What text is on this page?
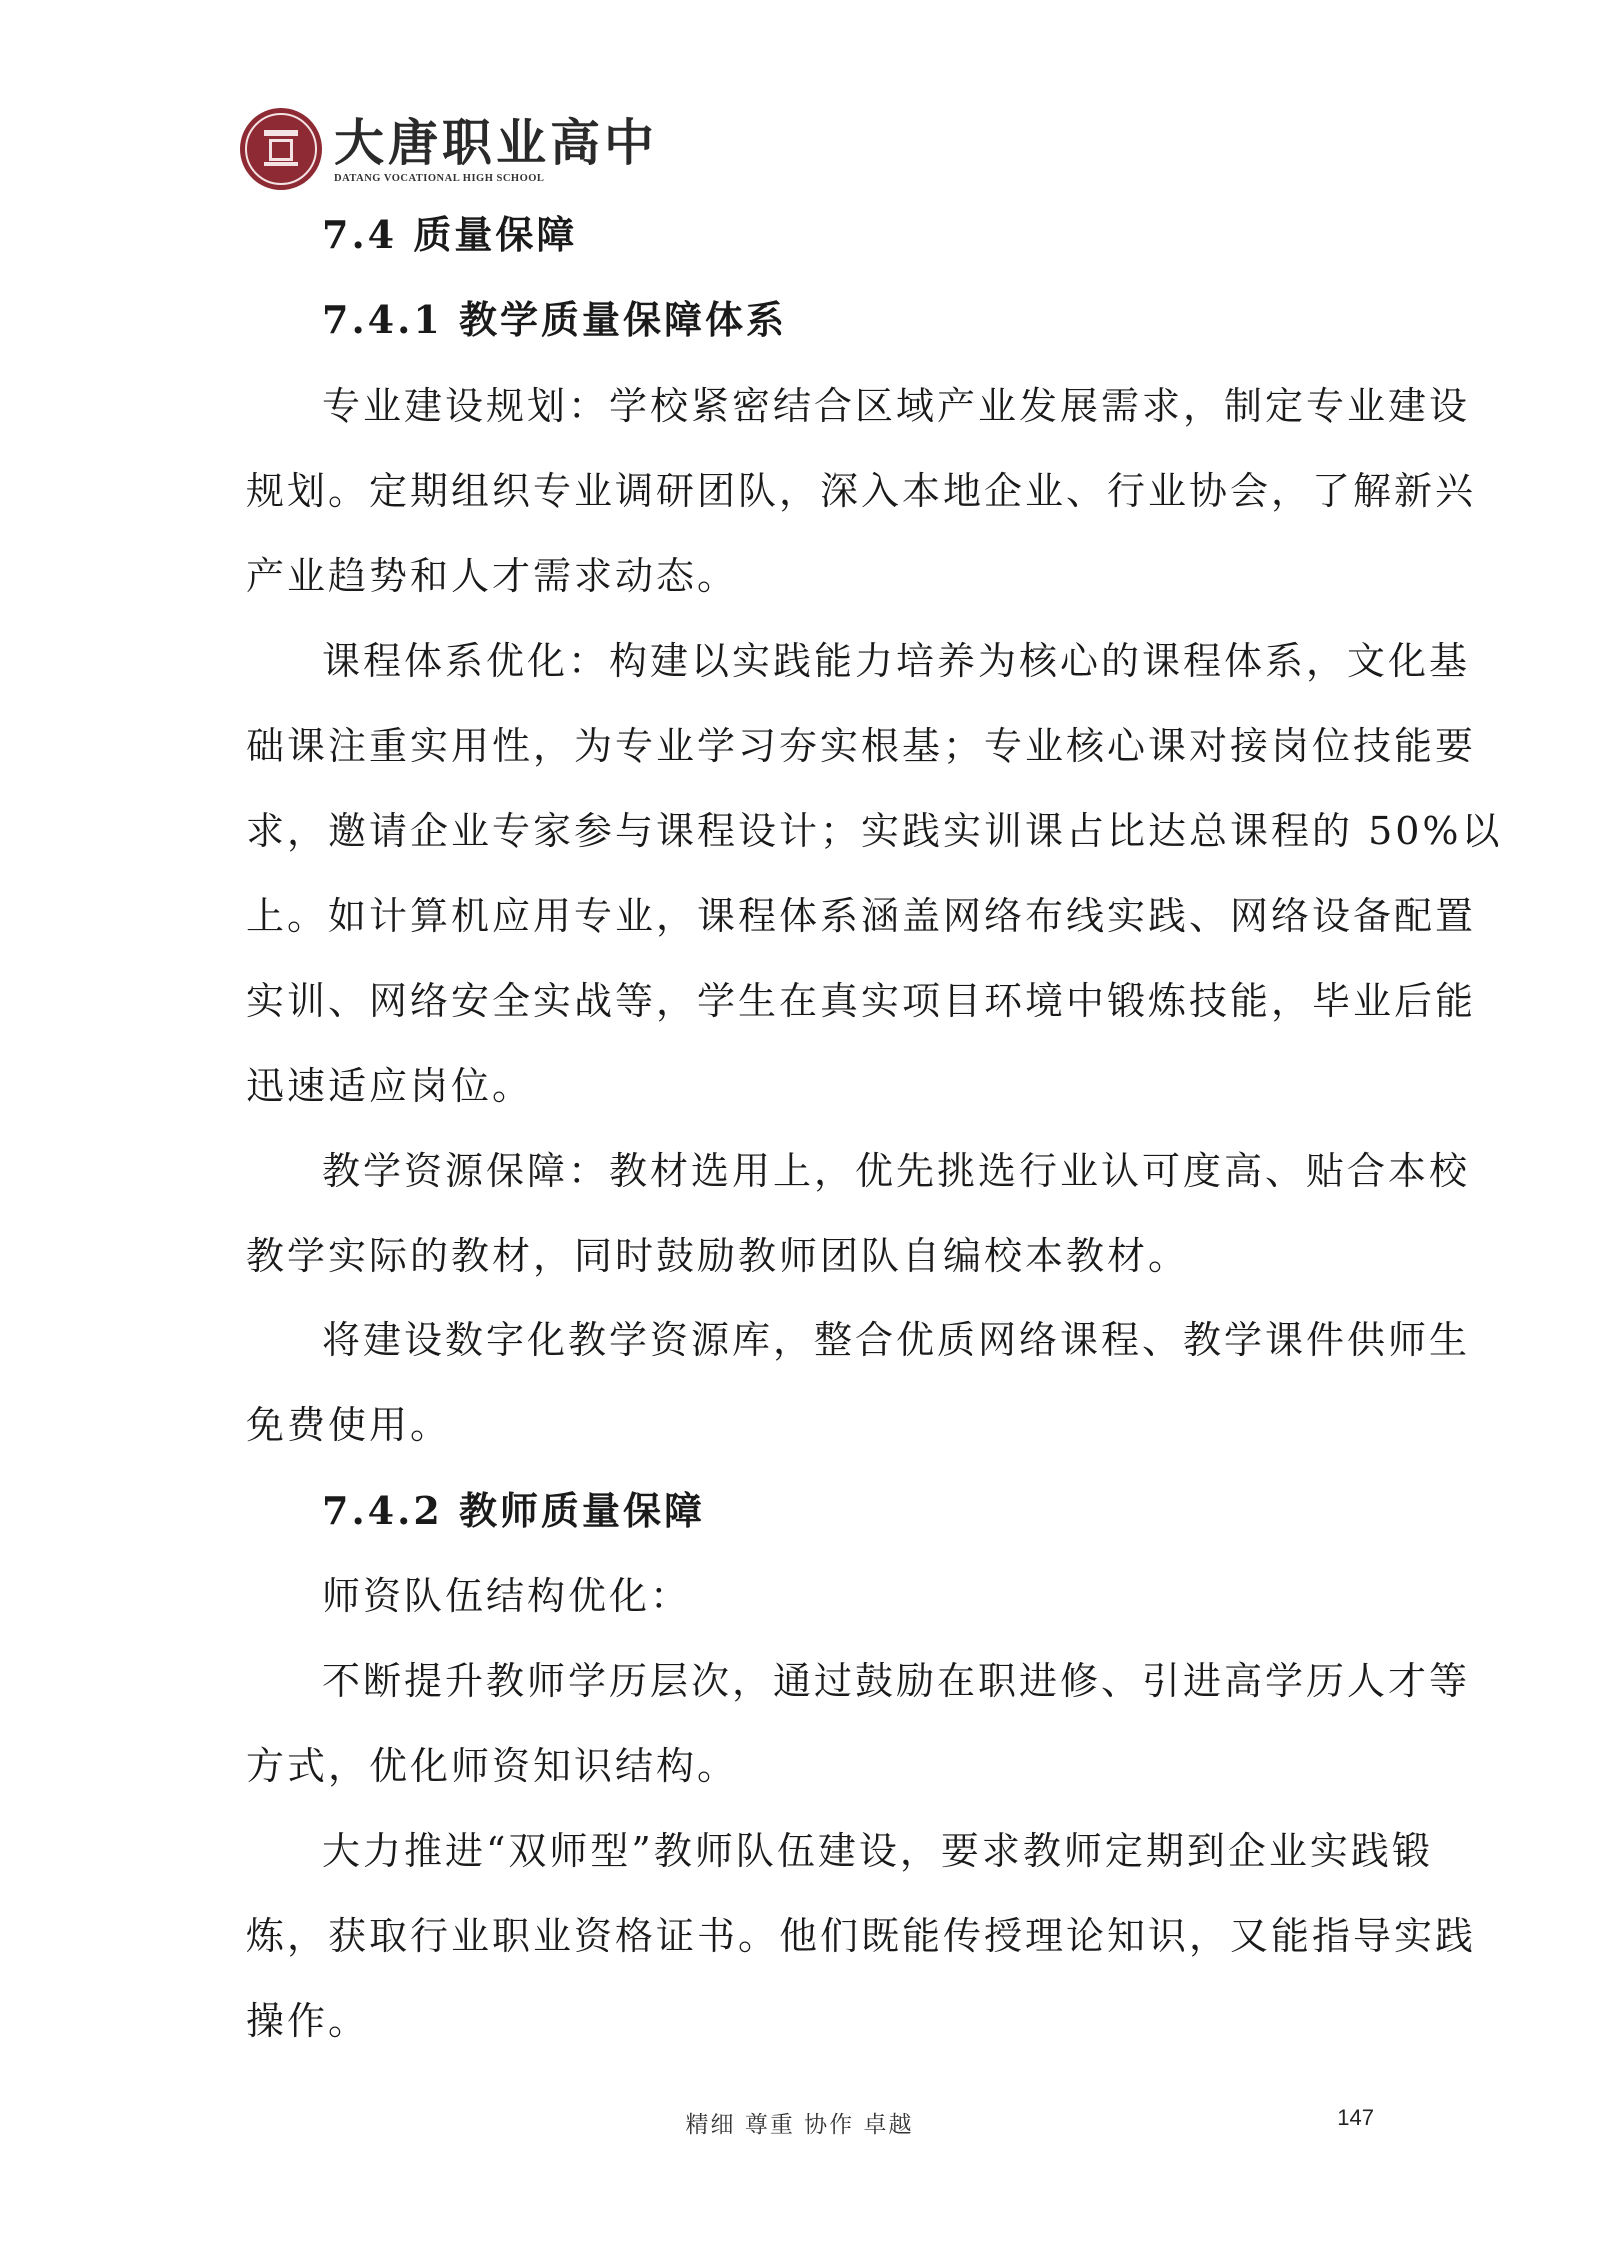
大唐职业高中
DATANG VOCATIONAL HIGH SCHOOL
7.4 质量保障
7.4.1 教学质量保障体系
专业建设规划：学校紧密结合区域产业发展需求，制定专业建设
规划。定期组织专业调研团队，深入本地企业、行业协会，了解新兴
产业趋势和人才需求动态。
课程体系优化：构建以实践能力培养为核心的课程体系，文化基
础课注重实用性，为专业学习夯实根基；专业核心课对接岗位技能要
求，邀请企业专家参与课程设计；实践实训课占比达总课程的 50%以
上。如计算机应用专业，课程体系涵盖网络布线实践、网络设备配置
实训、网络安全实战等，学生在真实项目环境中锻炼技能，毕业后能
迅速适应岗位。
教学资源保障：教材选用上，优先挑选行业认可度高、贴合本校
教学实际的教材，同时鼓励教师团队自编校本教材。
将建设数字化教学资源库，整合优质网络课程、教学课件供师生
免费使用。
7.4.2 教师质量保障
师资队伍结构优化：
不断提升教师学历层次，通过鼓励在职进修、引进高学历人才等
方式，优化师资知识结构。
大力推进“双师型”教师队伍建设，要求教师定期到企业实践锻
炼，获取行业职业资格证书。他们既能传授理论知识，又能指导实践
操作。
精细 尊重 协作 卓越	147
